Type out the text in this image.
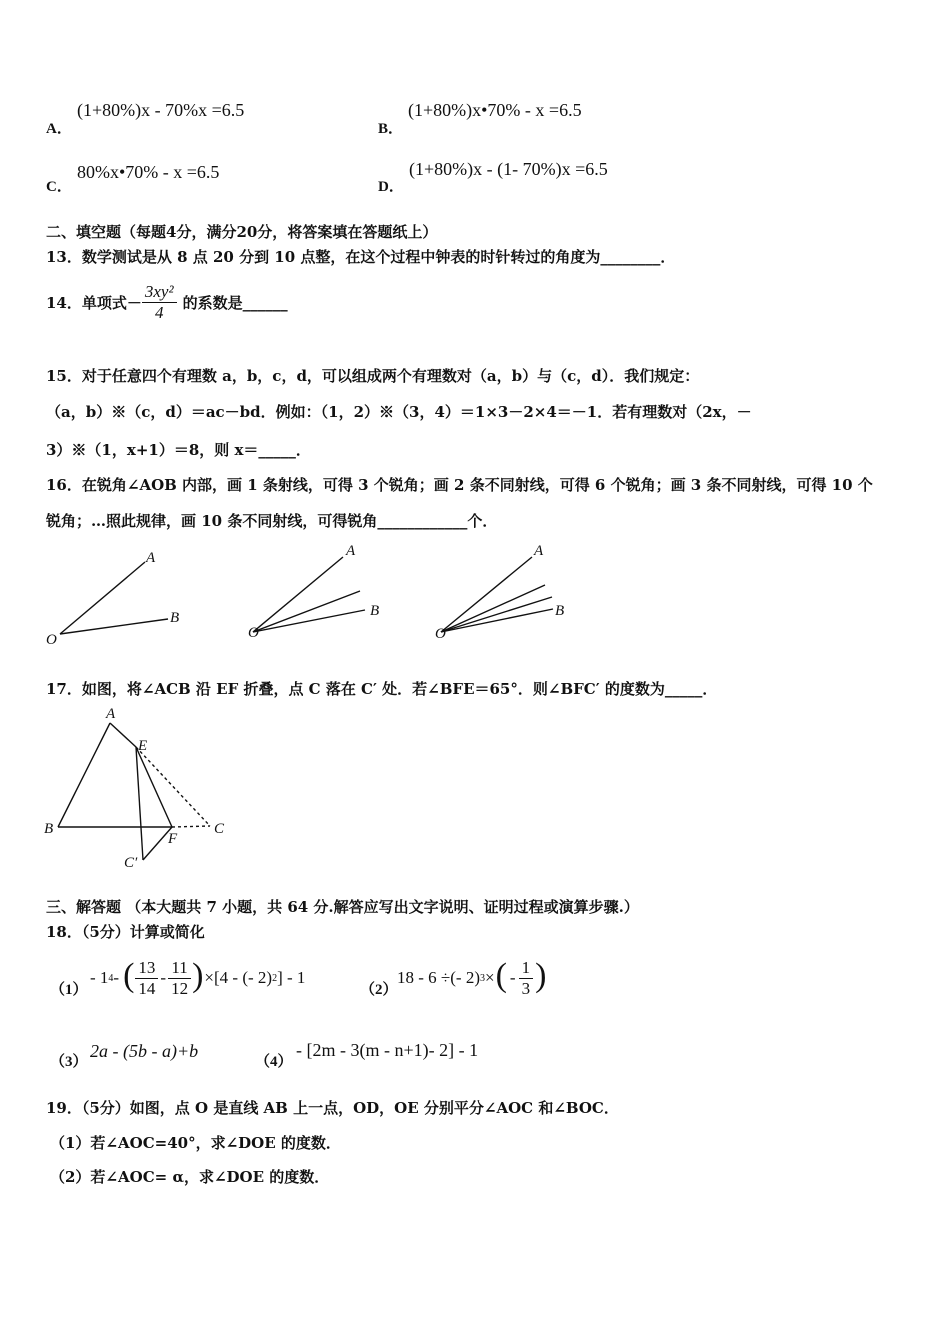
A．
(1+80%)x - 70%x =6.5
B．
(1+80%)x•70% - x =6.5
C．
80%x•70% - x =6.5
D．
(1+80%)x - (1- 70%)x =6.5
二、填空题（每题4分，满分20分，将答案填在答题纸上）
13．数学测试是从 8 点 20 分到 10 点整，在这个过程中钟表的时针转过的角度为________．
14．单项式－ $\frac{\text{3xy²}}{4}$ 的系数是______
15．对于任意四个有理数 a，b，c，d，可以组成两个有理数对（a，b）与（c，d）．我们规定：
（a，b）※（c，d）＝ac－bd．例如：（1，2）※（3，4）＝1×3－2×4＝－1．若有理数对（2x，－
3）※（1，x+1）＝8，则 x＝_____．
16．在锐角∠AOB 内部，画 1 条射线，可得 3 个锐角；画 2 条不同射线，可得 6 个锐角；画 3 条不同射线，可得 10 个
锐角；…照此规律，画 10 条不同射线，可得锐角____________个．
A
B
O
A
B
O
A
B
O
17．如图，将∠ACB 沿 EF 折叠，点 C 落在 C′ 处．若∠BFE＝65°．则∠BFC′ 的度数为_____．
A
E
B
F
C
C′
三、解答题 （本大题共 7 小题，共 64 分.解答应写出文字说明、证明过程或演算步骤.）
18．（5分）计算或简化
（1）
- 1 4 - ( $\frac{13}{14} - \frac{11}{12}$ ) ×[4 - (- 2) 2 ] - 1
（2）
18 - 6 ÷(- 2) 3 × ( - $\frac{1}{3}$ )
（3）
2a - (5b - a)+b
（4）
- [2m - 3(m - n+1)- 2] - 1
19．（5分）如图，点 O 是直线 AB 上一点，OD，OE 分别平分∠AOC 和∠BOC．
（1）若∠AOC=40°，求∠DOE 的度数．
（2）若∠AOC= α，求∠DOE 的度数．
